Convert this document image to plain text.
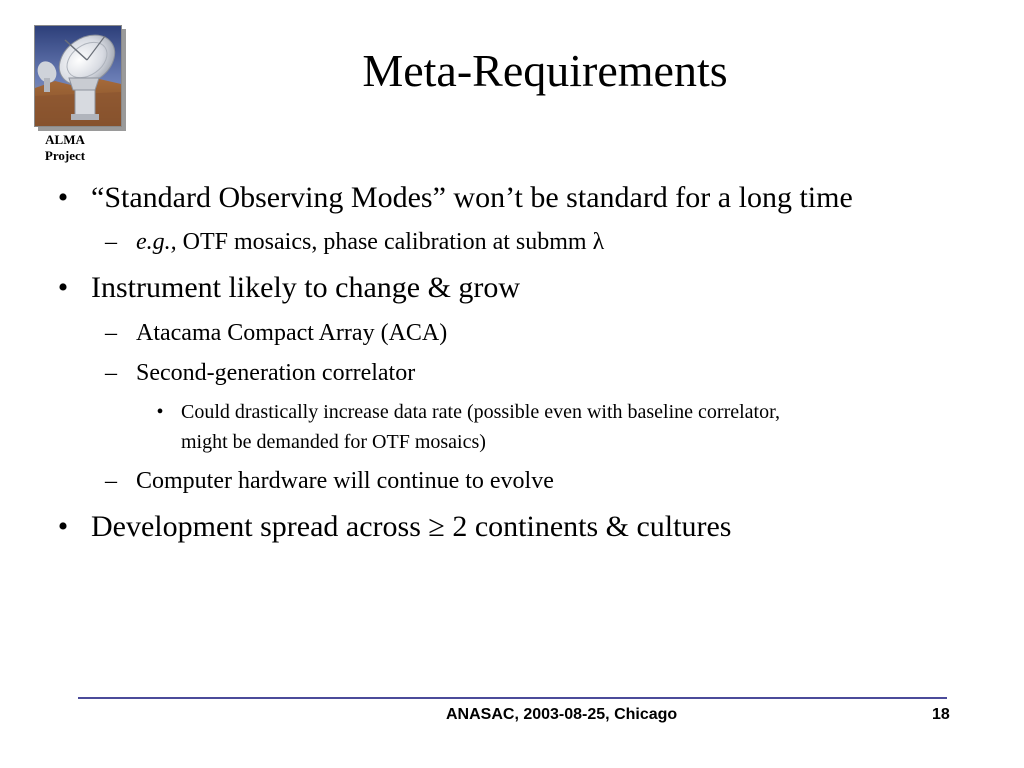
ALMA
Project
Meta-Requirements
• “Standard Observing Modes” won’t be standard for a long time
– e.g., OTF mosaics, phase calibration at submm λ
• Instrument likely to change & grow
– Atacama Compact Array (ACA)
– Second-generation correlator
• Could drastically increase data rate (possible even with baseline correlator,
might be demanded for OTF mosaics)
– Computer hardware will continue to evolve
• Development spread across ≥ 2 continents & cultures
ANASAC, 2003-08-25, Chicago	18
